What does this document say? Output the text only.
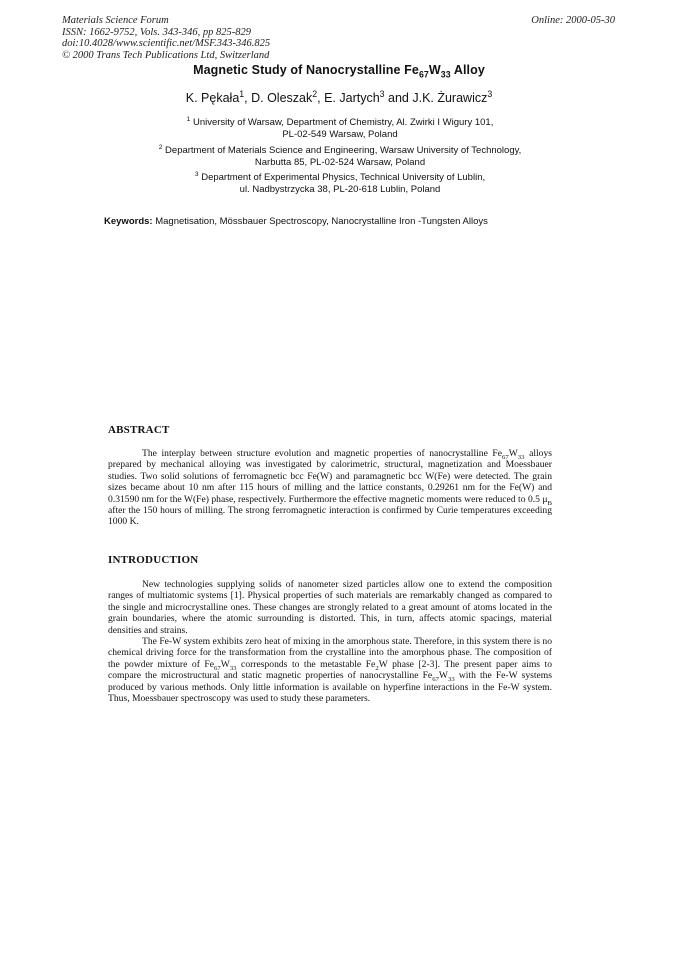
Materials Science Forum
ISSN: 1662-9752, Vols. 343-346, pp 825-829
doi:10.4028/www.scientific.net/MSF.343-346.825
© 2000 Trans Tech Publications Ltd, Switzerland
Online: 2000-05-30
Magnetic Study of Nanocrystalline $Fe_{67}W_{33}$ Alloy
K. Pękała$^1$, D. Oleszak$^2$, E. Jartych$^3$ and J.K. Żurawicz$^3$
$^1$ University of Warsaw, Department of Chemistry, Al. Zwirki I Wigury 101,
PL-02-549 Warsaw, Poland
$^2$ Department of Materials Science and Engineering, Warsaw University of Technology,
Narbutta 85, PL-02-524 Warsaw, Poland
$^3$ Department of Experimental Physics, Technical University of Lublin,
ul. Nadbystrzycka 38, PL-20-618 Lublin, Poland
Keywords: Magnetisation, Mössbauer Spectroscopy, Nanocrystalline Iron -Tungsten Alloys
ABSTRACT

The interplay between structure evolution and magnetic properties of nanocrystalline $Fe_{67}W_{33}$ alloys prepared by mechanical alloying was investigated by calorimetric, structural, magnetization and Moessbauer studies. Two solid solutions of ferromagnetic bcc Fe(W) and paramagnetic bcc W(Fe) were detected. The grain sizes became about 10 nm after 115 hours of milling and the lattice constants, 0.29261 nm for the Fe(W) and 0.31590 nm for the W(Fe) phase, respectively. Furthermore the effective magnetic moments were reduced to 0.5 $\mu_B$ after the 150 hours of milling. The strong ferromagnetic interaction is confirmed by Curie temperatures exceeding 1000 K.

INTRODUCTION

New technologies supplying solids of nanometer sized particles allow one to extend the composition ranges of multiatomic systems [1]. Physical properties of such materials are remarkably changed as compared to the single and microcrystalline ones. These changes are strongly related to a great amount of atoms located in the grain boundaries, where the atomic surrounding is distorted. This, in turn, affects atomic spacings, material densities and strains.

The Fe-W system exhibits zero heat of mixing in the amorphous state. Therefore, in this system there is no chemical driving force for the transformation from the crystalline into the amorphous phase. The composition of the powder mixture of $Fe_{67}W_{33}$ corresponds to the metastable $Fe_2W$ phase [2-3]. The present paper aims to compare the microstructural and static magnetic properties of nanocrystalline $Fe_{67}W_{33}$ with the Fe-W systems produced by various methods. Only little information is available on hyperfine interactions in the Fe-W system. Thus, Moessbauer spectroscopy was used to study these parameters.
